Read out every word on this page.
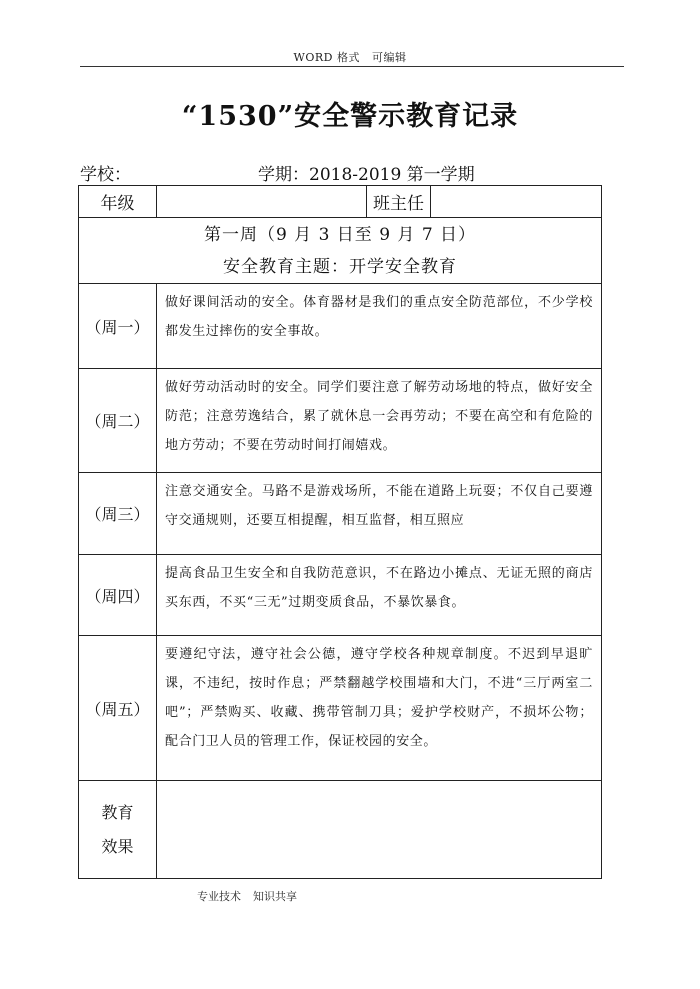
WORD 格式 可编辑
“1530”安全警示教育记录
学校：	学期：2018-2019 第一学期
年级		班主任	

第一周（9 月 3 日至 9 月 7 日）
安全教育主题：开学安全教育			

（周一）	做好课间活动的安全。体育器材是我们的重点安全防范部位，不少学校都发生过摔伤的安全事故。		
（周二）	做好劳动活动时的安全。同学们要注意了解劳动场地的特点，做好安全防范；注意劳逸结合，累了就休息一会再劳动；不要在高空和有危险的地方劳动；不要在劳动时间打闹嬉戏。		
（周三）	注意交通安全。马路不是游戏场所，不能在道路上玩耍；不仅自己要遵守交通规则，还要互相提醒，相互监督，相互照应		
（周四）	提高食品卫生安全和自我防范意识，不在路边小摊点、无证无照的商店买东西，不买“三无”过期变质食品，不暴饮暴食。		
（周五）	要遵纪守法，遵守社会公德，遵守学校各种规章制度。不迟到早退旷课，不违纪，按时作息；严禁翻越学校围墙和大门，不进“三厅两室二吧”；严禁购买、收藏、携带管制刀具；爱护学校财产，不损坏公物；配合门卫人员的管理工作，保证校园的安全。		

教育
效果			

专业技术 知识共享
